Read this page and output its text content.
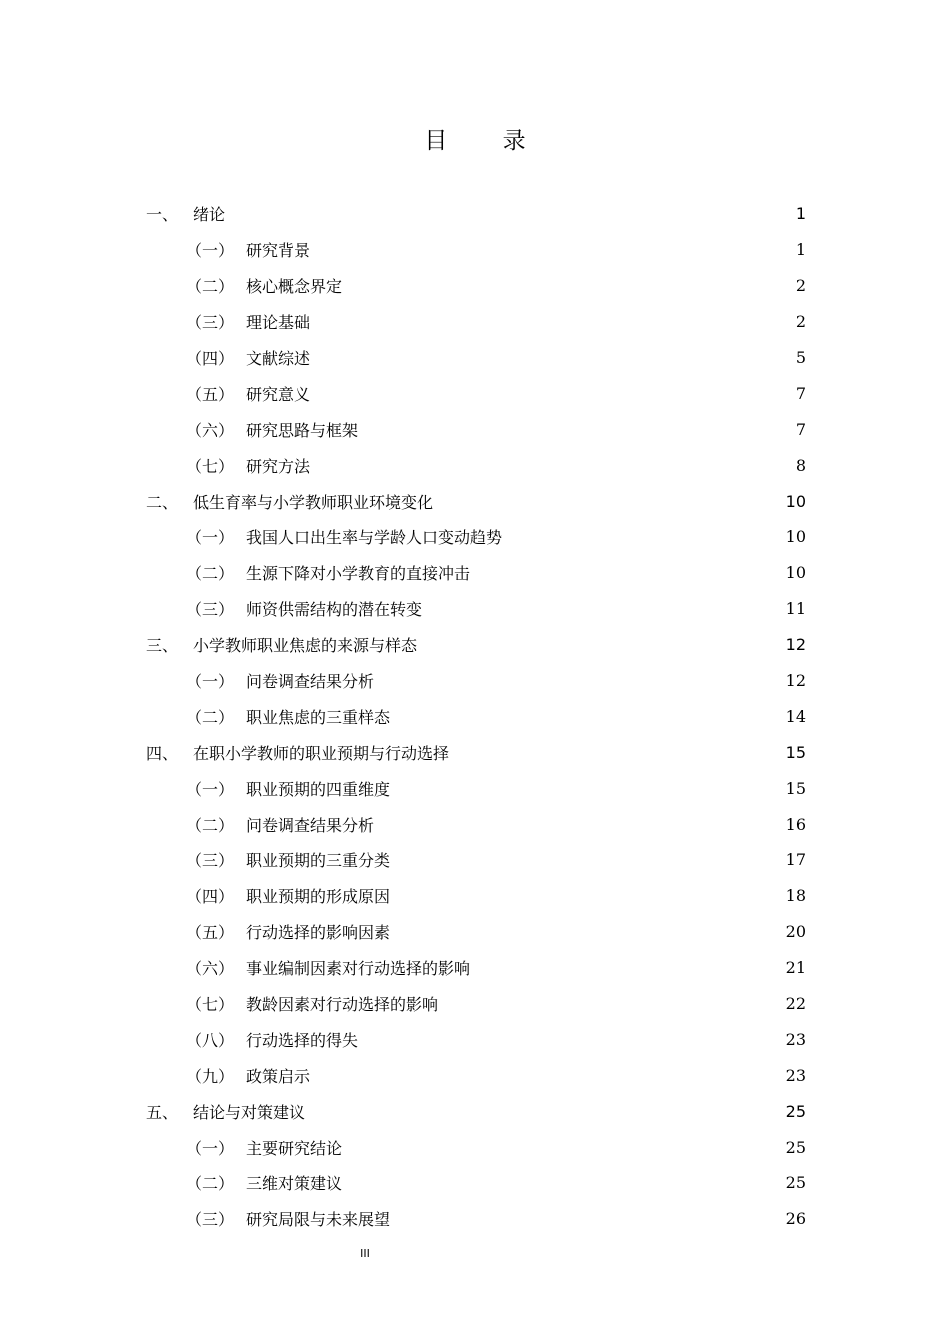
目 录
一、 绪论	1
（一） 研究背景	1
（二） 核心概念界定	2
（三） 理论基础	2
（四） 文献综述	5
（五） 研究意义	7
（六） 研究思路与框架	7
（七） 研究方法	8
二、 低生育率与小学教师职业环境变化	10
（一） 我国人口出生率与学龄人口变动趋势	10
（二） 生源下降对小学教育的直接冲击	10
（三） 师资供需结构的潜在转变	11
三、 小学教师职业焦虑的来源与样态	12
（一） 问卷调查结果分析	12
（二） 职业焦虑的三重样态	14
四、 在职小学教师的职业预期与行动选择	15
（一） 职业预期的四重维度	15
（二） 问卷调查结果分析	16
（三） 职业预期的三重分类	17
（四） 职业预期的形成原因	18
（五） 行动选择的影响因素	20
（六） 事业编制因素对行动选择的影响	21
（七） 教龄因素对行动选择的影响	22
（八） 行动选择的得失	23
（九） 政策启示	23
五、 结论与对策建议	25
（一） 主要研究结论	25
（二） 三维对策建议	25
（三） 研究局限与未来展望	26
III
